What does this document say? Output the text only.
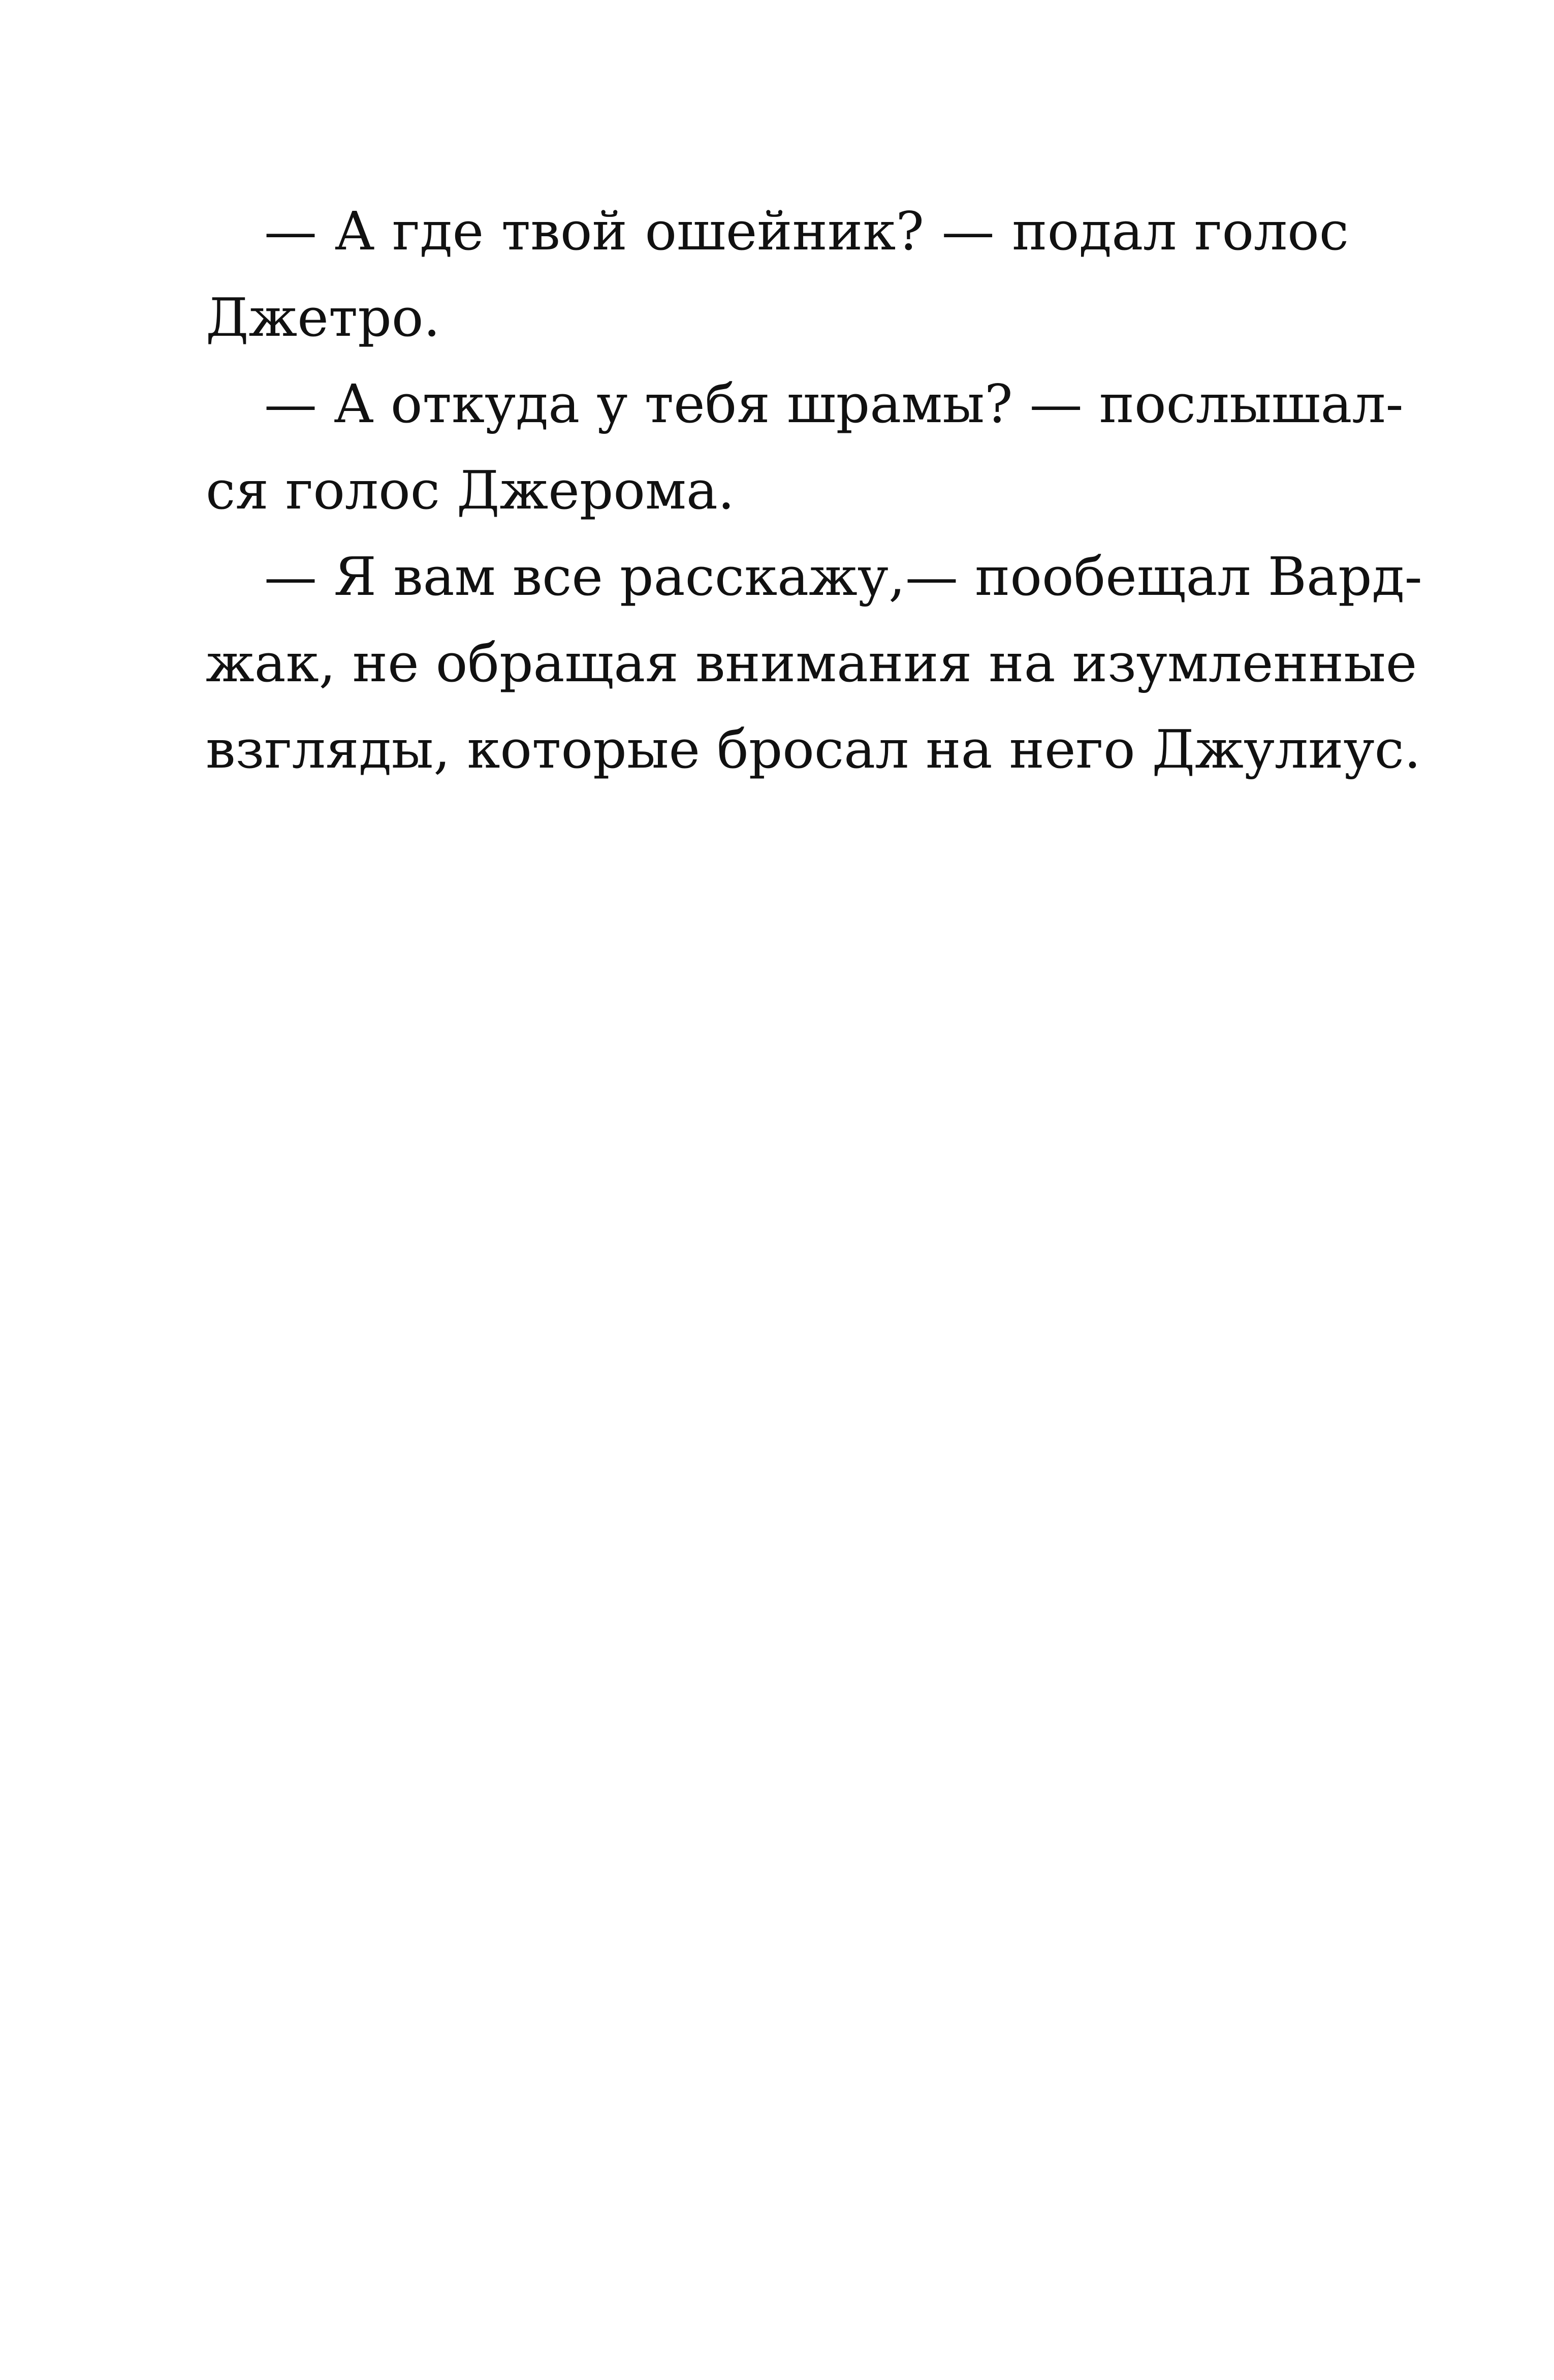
— А где твой ошейник? — подал голос
Джетро.
— А откуда у тебя шрамы? — послышал-
ся голос Джерома.
— Я вам все расскажу,— пообещал Вард-
жак, не обращая внимания на изумленные
взгляды, которые бросал на него Джулиус.
